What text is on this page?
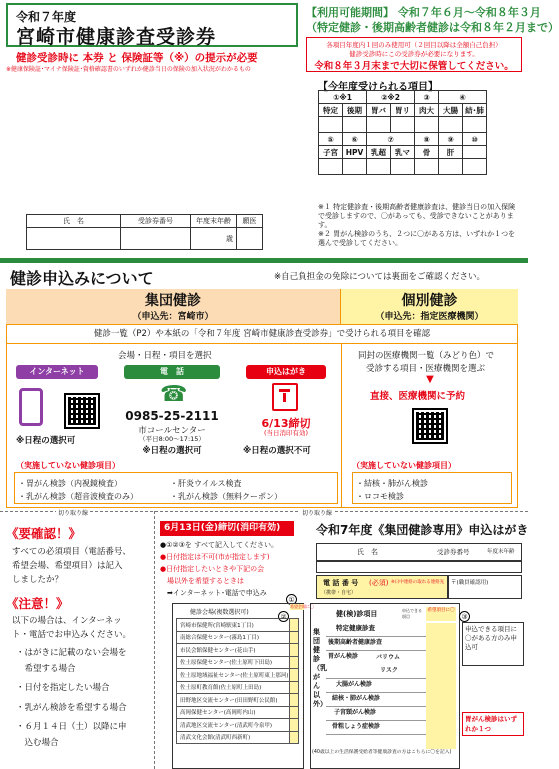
令和７年度
宮崎市健康診査受診券
健診受診時に 本券 と 保険証等（※）の提示が必要
※健康保険証･マイナ保険証･資格確認書のいずれか健診当日の保険の加入状況がわかるもの
【利用可能期間】 令和７年６月～令和８年３月
（特定健診・後期高齢者健診は令和８年２月まで）
各項目年度内１回のみ使用可（２回目以降は全額自己負担）
健診受診時にこの受診券が必要になります。
令和８年３月末まで大切に保管してください。
【今年度受けられる項目】
①※1		②※2		③	④	
特定	後期	胃バ	胃リ	肉大	大腸	結･肺

⑤	⑥	⑦		⑧	⑨	⑩
子宮	HPV	乳超	乳マ	骨	肝	

※１ 特定健診査・後期高齢者健康診査は、健診当日の加入保険で受診しますので、〇があっても、受診できないことがあります。
※２ 胃がん検診のうち、２つに〇がある方は、いずれか１つを選んで受診してください。
氏　名	受診券番号	年度末年齢	願医
		歳	
健診申込みについて	※自己負担金の免除については裏面をご確認ください。
集団健診
（申込先：宮崎市）
個別健診
（申込先：指定医療機関）
健診一覧（P2）や本紙の「令和７年度 宮崎市健康診査受診券」で受けられる項目を確認
会場・日程・項目を選択
インターネット
※日程の選択可
電　話
☎
0985-25-2111
市コールセンター
（平日8:00～17:15）
※日程の選択可
申込はがき
6/13締切
(当日消印有効)
※日程の選択不可
（実施していない健診項目）
・胃がん検診（内視鏡検査）	・肝炎ウイルス検査
・乳がん検診（超音波検査のみ）	・乳がん検診（無料クーポン）
同封の医療機関一覧（みどり色）で
受診する項目・医療機関を選ぶ
▼
直接、医療機関に予約
（実施していない健診項目）
・結核・肺がん検診
・ロコモ検診
切り取り線	切り取り線
《要確認！》
すべての必須項目（電話番号、
希望会場、希望項目）は記入
しましたか？
《注意！》
以下の場合は、インターネッ
ト・電話でお申込みください。
・はがきに記載のない会場を
　希望する場合
・日付を指定したい場合
・乳がん検診を希望する場合
・６月１４日（土）以降に申
　込む場合
6月13日(金)締切(消印有効)
●①②③を すべて記入してください。
●日付指定は不可(市が指定します)
●日付指定したいときや下記の会
　場以外を希望するときは
　➡インターネット･電話で申込み
①
令和7年度《集団健診専用》申込はがき
氏　名	受診券番号	年度末年齢
電 話 番 号 (必須) ※日中連絡の取れる連絡先
（携帯・自宅）
〒(職員確認用)
健診会場(複数選択可)
②
希望会場に〇
宮崎市保健所(宮崎駅東1丁目)	
南総合保健センター(霧島1丁目)	
市民会館保健センター(花山手)	
佐土原保健センター(佐土原町下田島)	
佐土原地域福祉センター(佐土原町東上那珂)	
佐土原町教育館(佐土原町上田島)	
田野地区交流センター(田田野町公民館)	
高岡保健センター(高岡町内山)	
清武地区交流センター(清武町今泉甲)	
清武文化会館(清武町西新町)	
健(検)診項目	申込できる項目
希望項目に〇
③
集団健診（乳がん以外）
特定健康診査
後期高齢者健康診査
胃がん検診	バリウム
リスク
大腸がん検診
結核・肺がん検診
子宮頸がん検診
骨粗しょう症検診
(40歳以上の生活保護受給者等健康診査の方はこちらに〇を記入)
申込できる項目に〇がある方のみ申込可
胃がん検診はいずれか１つ
